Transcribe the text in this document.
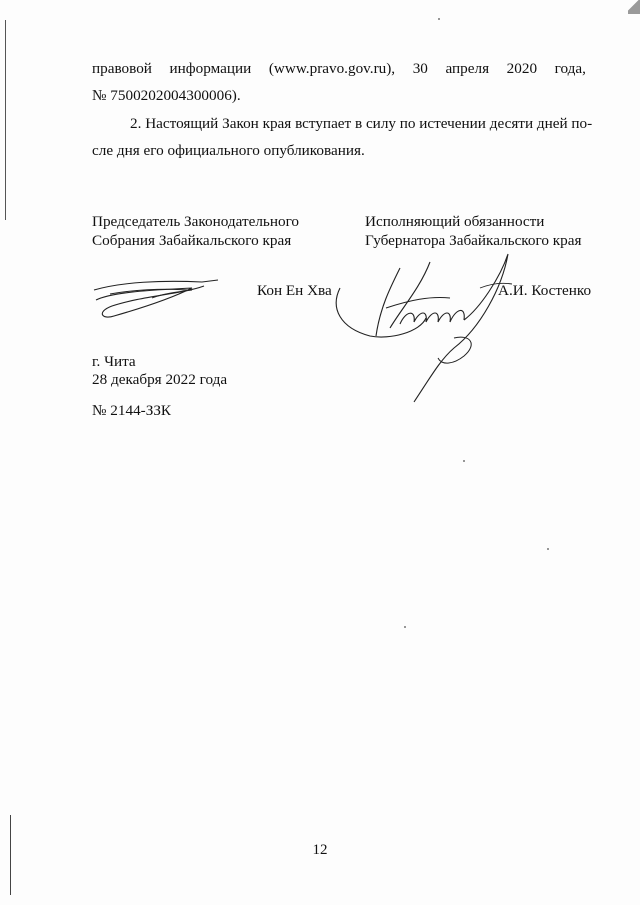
правовой информации (www.pravo.gov.ru), 30 апреля 2020 года,
№ 7500202004300006).
2. Настоящий Закон края вступает в силу по истечении десяти дней по-
сле дня его официального опубликования.
Председатель Законодательного
Собрания Забайкальского края
Исполняющий обязанности
Губернатора Забайкальского края
Кон Ен Хва	А.И. Костенко
г. Чита
28 декабря 2022 года
№ 2144-ЗЗК
12
